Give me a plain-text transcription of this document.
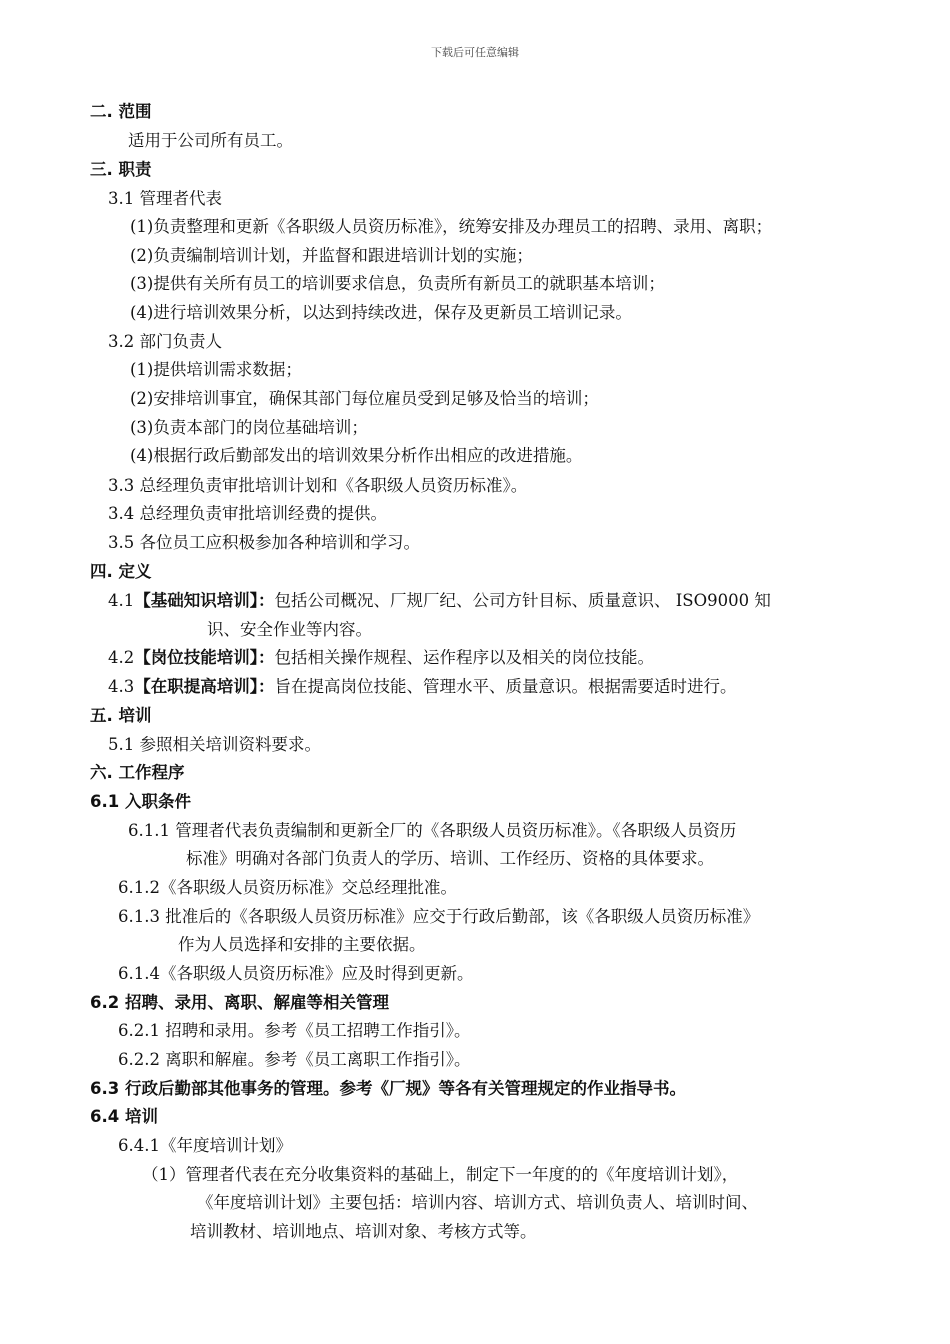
下载后可任意编辑
二. 范围
适用于公司所有员工。
三. 职责
3.1 管理者代表
(1)负责整理和更新《各职级人员资历标准》，统筹安排及办理员工的招聘、录用、离职；
(2)负责编制培训计划，并监督和跟进培训计划的实施；
(3)提供有关所有员工的培训要求信息，负责所有新员工的就职基本培训；
(4)进行培训效果分析，以达到持续改进，保存及更新员工培训记录。
3.2 部门负责人
(1)提供培训需求数据；
(2)安排培训事宜，确保其部门每位雇员受到足够及恰当的培训；
(3)负责本部门的岗位基础培训；
(4)根据行政后勤部发出的培训效果分析作出相应的改进措施。
3.3 总经理负责审批培训计划和《各职级人员资历标准》。
3.4 总经理负责审批培训经费的提供。
3.5 各位员工应积极参加各种培训和学习。
四. 定义
4.1【基础知识培训】：包括公司概况、厂规厂纪、公司方针目标、质量意识、 ISO9000 知
识、安全作业等内容。
4.2【岗位技能培训】：包括相关操作规程、运作程序以及相关的岗位技能。
4.3【在职提高培训】：旨在提高岗位技能、管理水平、质量意识。根据需要适时进行。
五. 培训
5.1 参照相关培训资料要求。
六. 工作程序
6.1 入职条件
6.1.1 管理者代表负责编制和更新全厂的《各职级人员资历标准》。《各职级人员资历
标准》明确对各部门负责人的学历、培训、工作经历、资格的具体要求。
6.1.2《各职级人员资历标准》交总经理批准。
6.1.3 批准后的《各职级人员资历标准》应交于行政后勤部，该《各职级人员资历标准》
作为人员选择和安排的主要依据。
6.1.4《各职级人员资历标准》应及时得到更新。
6.2 招聘、录用、离职、解雇等相关管理
6.2.1 招聘和录用。参考《员工招聘工作指引》。
6.2.2 离职和解雇。参考《员工离职工作指引》。
6.3 行政后勤部其他事务的管理。参考《厂规》等各有关管理规定的作业指导书。
6.4 培训
6.4.1《年度培训计划》
（1）管理者代表在充分收集资料的基础上，制定下一年度的的《年度培训计划》，
《年度培训计划》主要包括：培训内容、培训方式、培训负责人、培训时间、
培训教材、培训地点、培训对象、考核方式等。
